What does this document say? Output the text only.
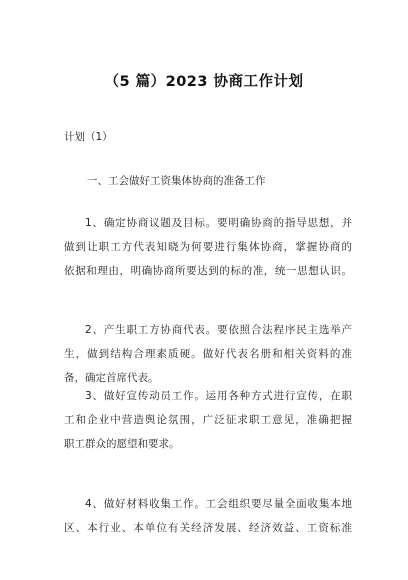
（5 篇）2023 协商工作计划
计划（1）
一、工会做好工资集体协商的准备工作
1、确定协商议题及目标。要明确协商的指导思想，并
做到让职工方代表知晓为何要进行集体协商，掌握协商的
依据和理由，明确协商所要达到的标的准，统一思想认识。
2、产生职工方协商代表。要依照合法程序民主选举产
生，做到结构合理素质硬。做好代表名册和相关资料的准
备，确定首席代表。
3、做好宣传动员工作。运用各种方式进行宣传，在职
工和企业中营造舆论氛围，广泛征求职工意见，准确把握
职工群众的愿望和要求。
4、做好材料收集工作。工会组织要尽量全面收集本地
区、本行业、本单位有关经济发展、经济效益、工资标准
